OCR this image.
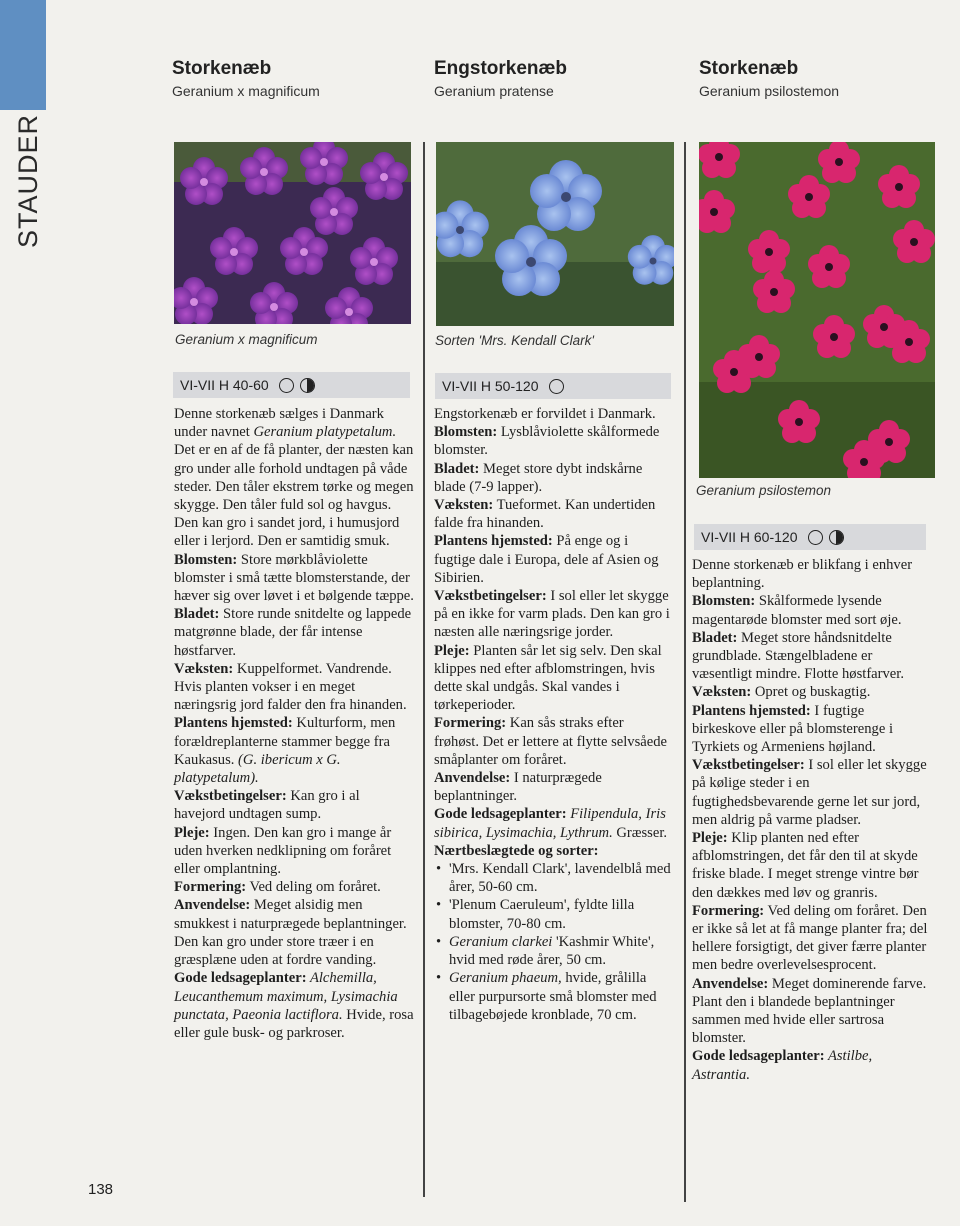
STAUDER
Storkenæb
Geranium x magnificum
Geranium x magnificum
VI-VII H 40-60

Denne storkenæb sælges i Danmark under navnet Geranium platypetalum. Det er en af de få planter, der næsten kan gro under alle forhold undtagen på våde steder. Den tåler ekstrem tørke og megen skygge. Den tåler fuld sol og havgus. Den kan gro i sandet jord, i humusjord eller i lerjord. Den er samtidig smuk.

Blomsten: Store mørkblåviolette blomster i små tætte blomsterstande, der hæver sig over løvet i et bølgende tæppe.

Bladet: Store runde snitdelte og lappede matgrønne blade, der får intense høstfarver.

Væksten: Kuppelformet. Vandrende. Hvis planten vokser i en meget næringsrig jord falder den fra hinanden.

Plantens hjemsted: Kulturform, men forældreplanterne stammer begge fra Kaukasus. (G. ibericum x G. platypetalum).

Vækstbetingelser: Kan gro i al havejord undtagen sump.

Pleje: Ingen. Den kan gro i mange år uden hverken nedklipning om foråret eller omplantning.

Formering: Ved deling om foråret.

Anvendelse: Meget alsidig men smukkest i naturprægede beplantninger. Den kan gro under store træer i en græsplæne uden at fordre vanding.

Gode ledsageplanter: Alchemilla, Leucanthemum maximum, Lysimachia punctata, Paeonia lactiflora. Hvide, rosa eller gule busk- og parkroser.

Engstorkenæb
Geranium pratense
Sorten 'Mrs. Kendall Clark'
VI-VII H 50-120

Engstorkenæb er forvildet i Danmark.

Blomsten: Lysblåviolette skålformede blomster.

Bladet: Meget store dybt indskårne blade (7-9 lapper).

Væksten: Tueformet. Kan undertiden falde fra hinanden.

Plantens hjemsted: På enge og i fugtige dale i Europa, dele af Asien og Sibirien.

Vækstbetingelser: I sol eller let skygge på en ikke for varm plads. Den kan gro i næsten alle næringsrige jorder.

Pleje: Planten sår let sig selv. Den skal klippes ned efter afblomstringen, hvis dette skal undgås. Skal vandes i tørkeperioder.

Formering: Kan sås straks efter frøhøst. Det er lettere at flytte selvsåede småplanter om foråret.

Anvendelse: I naturprægede beplantninger.

Gode ledsageplanter: Filipendula, Iris sibirica, Lysimachia, Lythrum. Græsser.

Nærtbeslægtede og sorter:

• 'Mrs. Kendall Clark', lavendelblå med årer, 50-60 cm.
• 'Plenum Caeruleum', fyldte lilla blomster, 70-80 cm.
• Geranium clarkei 'Kashmir White', hvid med røde årer, 50 cm.
• Geranium phaeum, hvide, grålilla eller purpursorte små blomster med tilbagebøjede kronblade, 70 cm.
Storkenæb
Geranium psilostemon
Geranium psilostemon
VI-VII H 60-120

Denne storkenæb er blikfang i enhver beplantning.

Blomsten: Skålformede lysende magentarøde blomster med sort øje.

Bladet: Meget store håndsnitdelte grundblade. Stængelbladene er væsentligt mindre. Flotte høstfarver.

Væksten: Opret og buskagtig.

Plantens hjemsted: I fugtige birkeskove eller på blomsterenge i Tyrkiets og Armeniens højland.

Vækstbetingelser: I sol eller let skygge på kølige steder i en fugtighedsbevarende gerne let sur jord, men aldrig på varme pladser.

Pleje: Klip planten ned efter afblomstringen, det får den til at skyde friske blade. I meget strenge vintre bør den dækkes med løv og granris.

Formering: Ved deling om foråret. Den er ikke så let at få mange planter fra; del hellere forsigtigt, det giver færre planter men bedre overlevelsesprocent.

Anvendelse: Meget dominerende farve. Plant den i blandede beplantninger sammen med hvide eller sartrosa blomster.

Gode ledsageplanter: Astilbe, Astrantia.

138
